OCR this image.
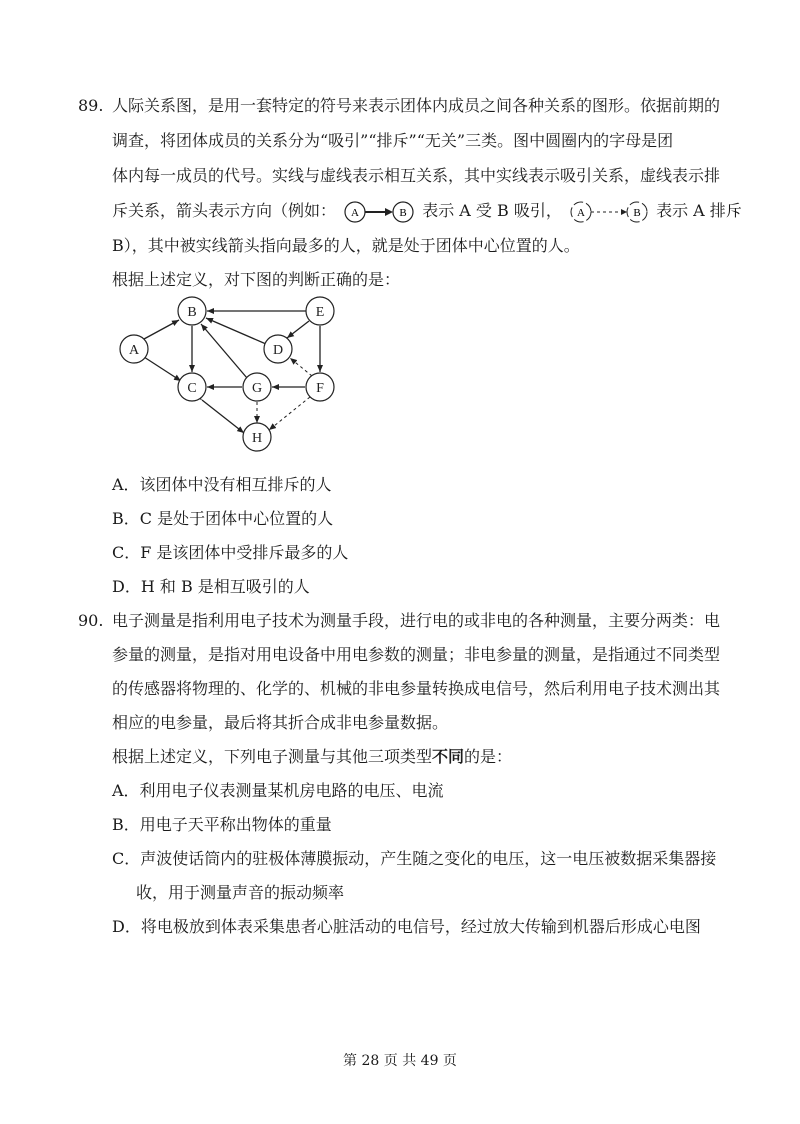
89. 人际关系图，是用一套特定的符号来表示团体内成员之间各种关系的图形。依据前期的
调查，将团体成员的关系分为“吸引”“排斥”“无关”三类。图中圆圈内的字母是团
体内每一成员的代号。实线与虚线表示相互关系，其中实线表示吸引关系，虚线表示排
斥关系，箭头表示方向（例如： A	B 表示 A 受 B 吸引， A	B 表示 A 排斥
B），其中被实线箭头指向最多的人，就是处于团体中心位置的人。
根据上述定义，对下图的判断正确的是：
A
B
C
D
E
F
G
H
A．该团体中没有相互排斥的人
B．C 是处于团体中心位置的人
C．F 是该团体中受排斥最多的人
D．H 和 B 是相互吸引的人
90. 电子测量是指利用电子技术为测量手段，进行电的或非电的各种测量，主要分两类：电
参量的测量，是指对用电设备中用电参数的测量；非电参量的测量，是指通过不同类型
的传感器将物理的、化学的、机械的非电参量转换成电信号，然后利用电子技术测出其
相应的电参量，最后将其折合成非电参量数据。
根据上述定义，下列电子测量与其他三项类型不同的是：
A．利用电子仪表测量某机房电路的电压、电流
B．用电子天平称出物体的重量
C．声波使话筒内的驻极体薄膜振动，产生随之变化的电压，这一电压被数据采集器接
收，用于测量声音的振动频率
D．将电极放到体表采集患者心脏活动的电信号，经过放大传输到机器后形成心电图
第 28 页 共 49 页
